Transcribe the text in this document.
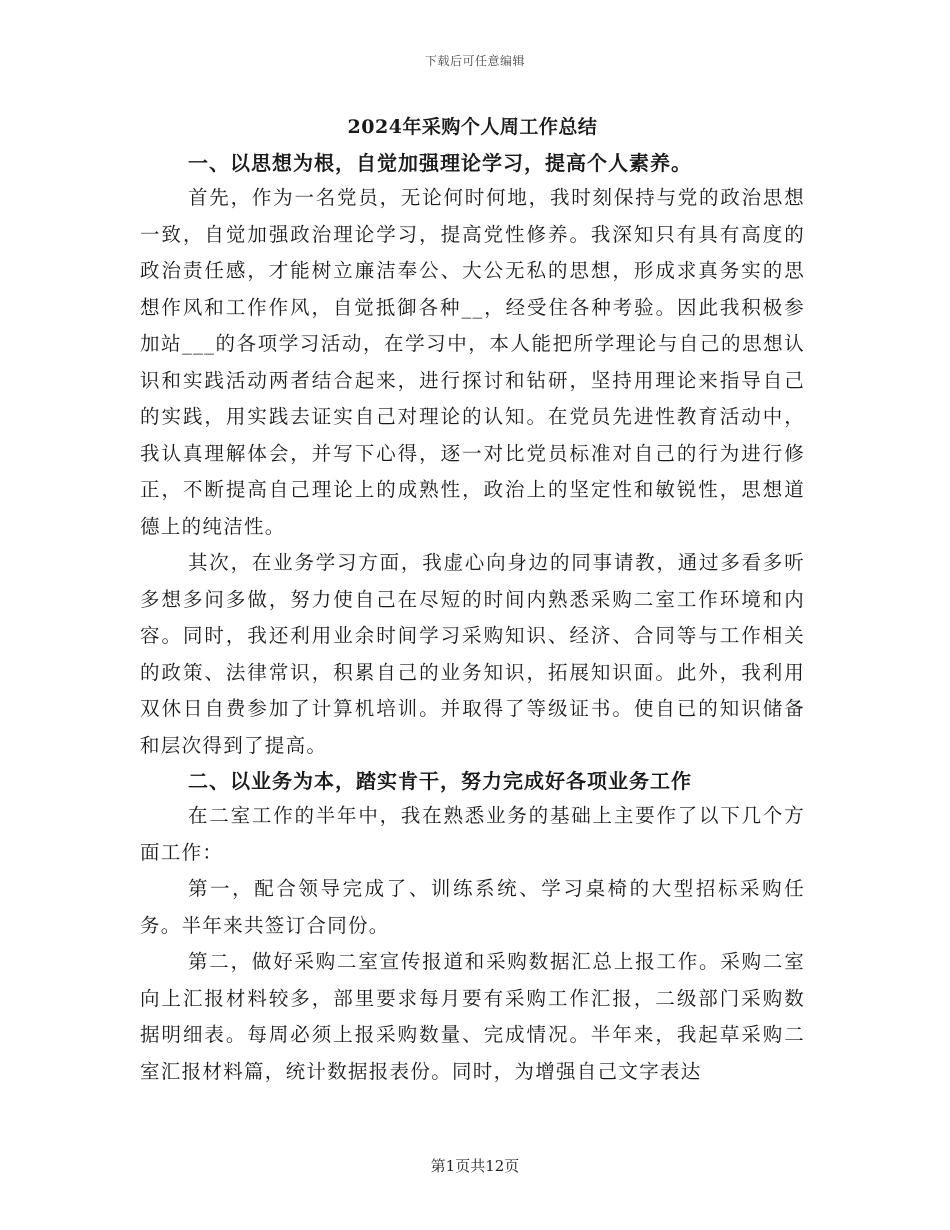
下载后可任意编辑
2024年采购个人周工作总结
一、以思想为根，自觉加强理论学习，提高个人素养。

首先，作为一名党员，无论何时何地，我时刻保持与党的政治思想一致，自觉加强政治理论学习，提高党性修养。我深知只有具有高度的政治责任感，才能树立廉洁奉公、大公无私的思想，形成求真务实的思想作风和工作作风，自觉抵御各种__，经受住各种考验。因此我积极参加站___的各项学习活动，在学习中，本人能把所学理论与自己的思想认识和实践活动两者结合起来，进行探讨和钻研，坚持用理论来指导自己的实践，用实践去证实自己对理论的认知。在党员先进性教育活动中，我认真理解体会，并写下心得，逐一对比党员标准对自己的行为进行修正，不断提高自己理论上的成熟性，政治上的坚定性和敏锐性，思想道德上的纯洁性。

其次，在业务学习方面，我虚心向身边的同事请教，通过多看多听多想多问多做，努力使自己在尽短的时间内熟悉采购二室工作环境和内容。同时，我还利用业余时间学习采购知识、经济、合同等与工作相关的政策、法律常识，积累自己的业务知识，拓展知识面。此外，我利用双休日自费参加了计算机培训。并取得了等级证书。使自已的知识储备和层次得到了提高。

二、以业务为本，踏实肯干，努力完成好各项业务工作

在二室工作的半年中，我在熟悉业务的基础上主要作了以下几个方面工作：

第一，配合领导完成了、训练系统、学习桌椅的大型招标采购任务。半年来共签订合同份。

第二，做好采购二室宣传报道和采购数据汇总上报工作。采购二室向上汇报材料较多，部里要求每月要有采购工作汇报，二级部门采购数据明细表。每周必须上报采购数量、完成情况。半年来，我起草采购二室汇报材料篇，统计数据报表份。同时，为增强自己文字表达

第1页共12页
